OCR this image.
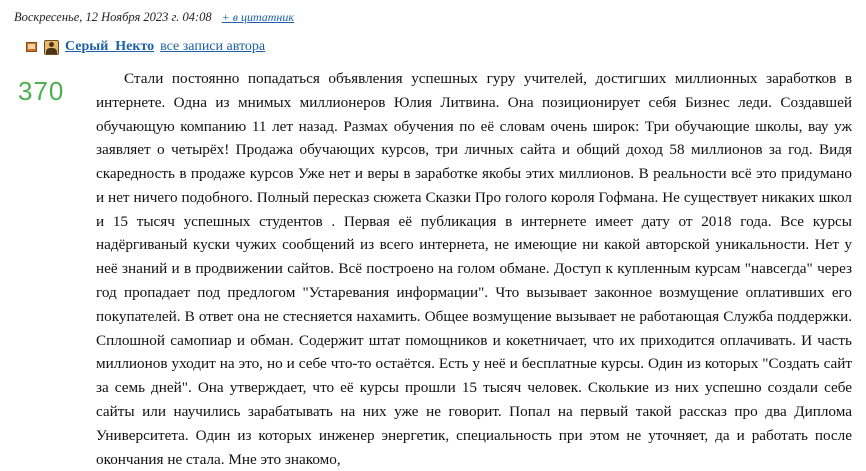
Воскресенье, 12 Ноября 2023 г. 04:08 + в цитатник
Серый_Некто все записи автора
370	Стали постоянно попадаться объявления успешных гуру учителей, достигших миллионных заработков в интернете. Одна из мнимых миллионеров Юлия Литвина. Она позиционирует себя Бизнес леди. Создавшей обучающую компанию 11 лет назад. Размах обучения по её словам очень широк: Три обучающие школы, вау уж заявляет о четырёх! Продажа обучающих курсов, три личных сайта и общий доход 58 миллионов за год. Видя скаредность в продаже курсов Уже нет и веры в заработке якобы этих миллионов. В реальности всё это придумано и нет ничего подобного. Полный пересказ сюжета Сказки Про голого короля Гофмана. Не существует никаких школ и 15 тысяч успешных студентов . Первая её публикация в интернете имеет дату от 2018 года. Все курсы надёргиваный куски чужих сообщений из всего интернета, не имеющие ни какой авторской уникальности. Нет у неё знаний и в продвижении сайтов. Всё построено на голом обмане. Доступ к купленным курсам "навсегда" через год пропадает под предлогом "Устаревания информации". Что вызывает законное возмущение оплативших его покупателей. В ответ она не стесняется нахамить. Общее возмущение вызывает не работающая Служба поддержки. Сплошной самопиар и обман. Содержит штат помощников и кокетничает, что их приходится оплачивать. И часть миллионов уходит на это, но и себе что-то остаётся. Есть у неё и бесплатные курсы. Один из которых "Создать сайт за семь дней". Она утверждает, что её курсы прошли 15 тысяч человек. Сколькие из них успешно создали себе сайты или научились зарабатывать на них уже не говорит. Попал на первый такой рассказ про два Диплома Университета. Один из которых инженер энергетик, специальность при этом не уточняет, да и работать после окончания не стала. Мне это знакомо,
